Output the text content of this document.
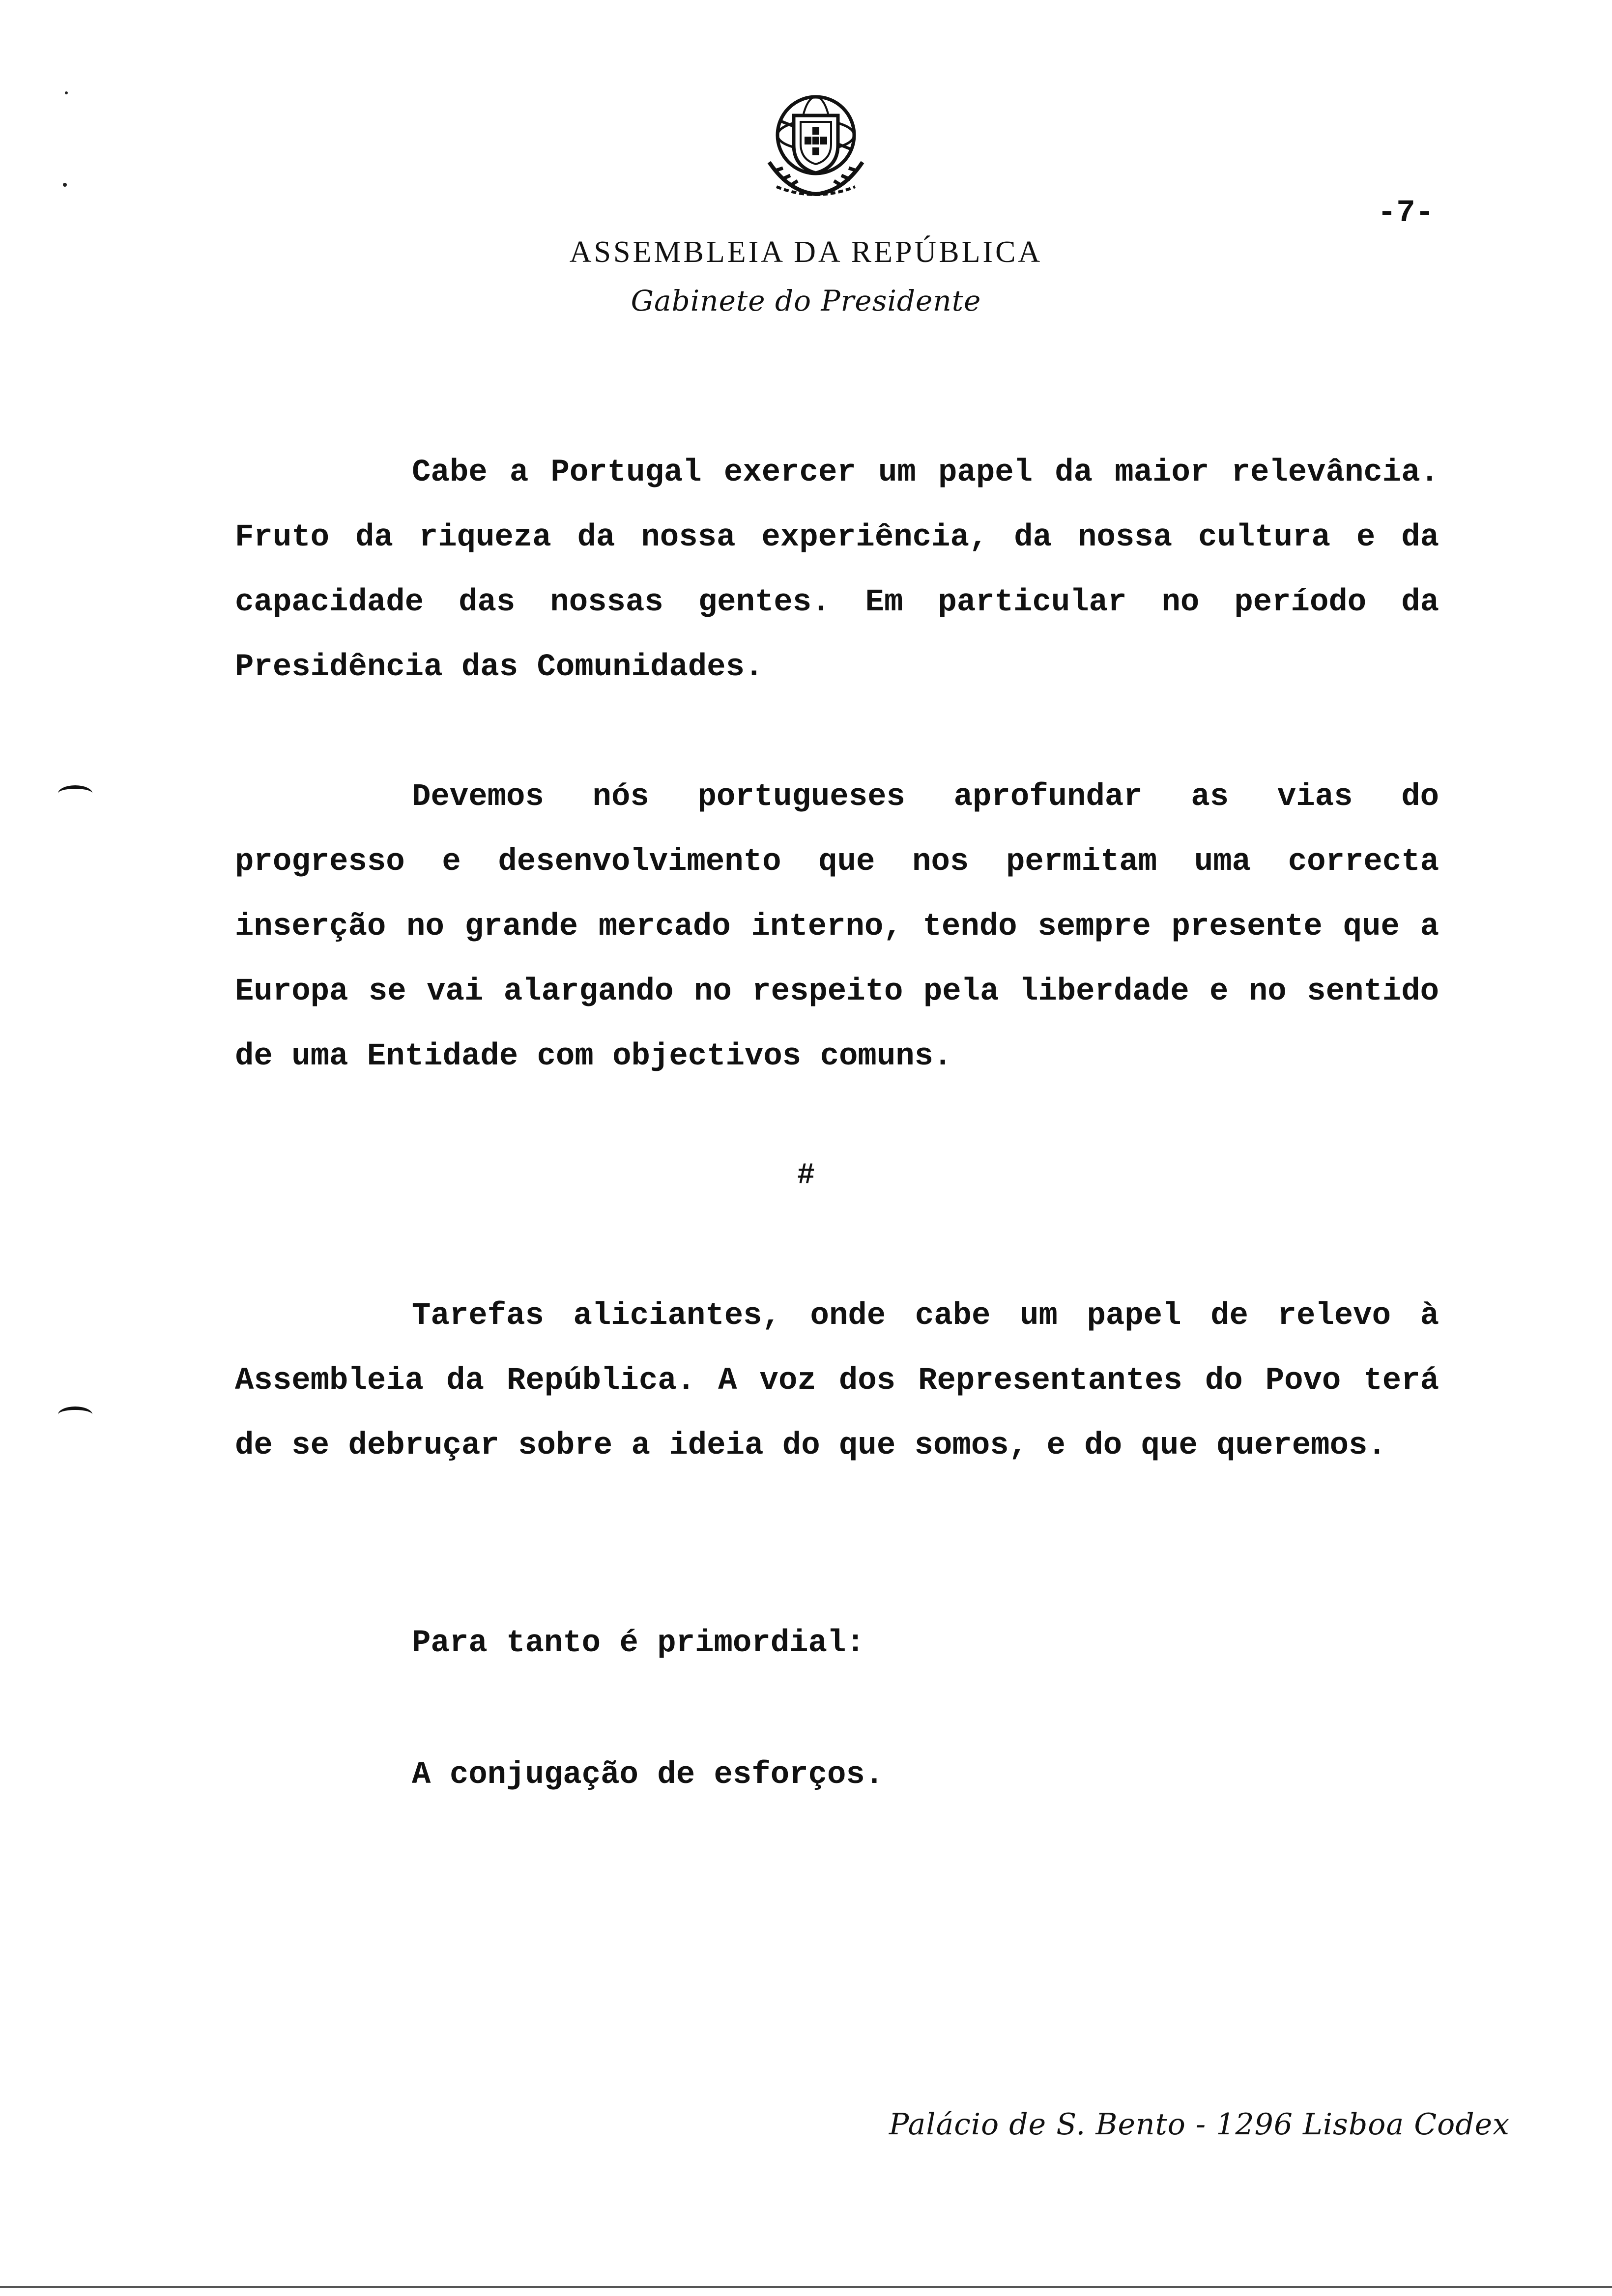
ASSEMBLEIA DA REPÚBLICA
Gabinete do Presidente
-7-

Cabe a Portugal exercer um papel da maior relevância. Fruto da riqueza da nossa experiência, da nossa cultura e da capacidade das nossas gentes. Em particular no período da Presidência das Comunidades.

Devemos nós portugueses aprofundar as vias do progresso e desenvolvimento que nos permitam uma correcta inserção no grande mercado interno, tendo sempre presente que a Europa se vai alargando no respeito pela liberdade e no sentido de uma Entidade com objectivos comuns.

#

Tarefas aliciantes, onde cabe um papel de relevo à Assembleia da República. A voz dos Representantes do Povo terá de se debruçar sobre a ideia do que somos, e do que queremos.

Para tanto é primordial:

A conjugação de esforços.

Palácio de S. Bento - 1296 Lisboa Codex
